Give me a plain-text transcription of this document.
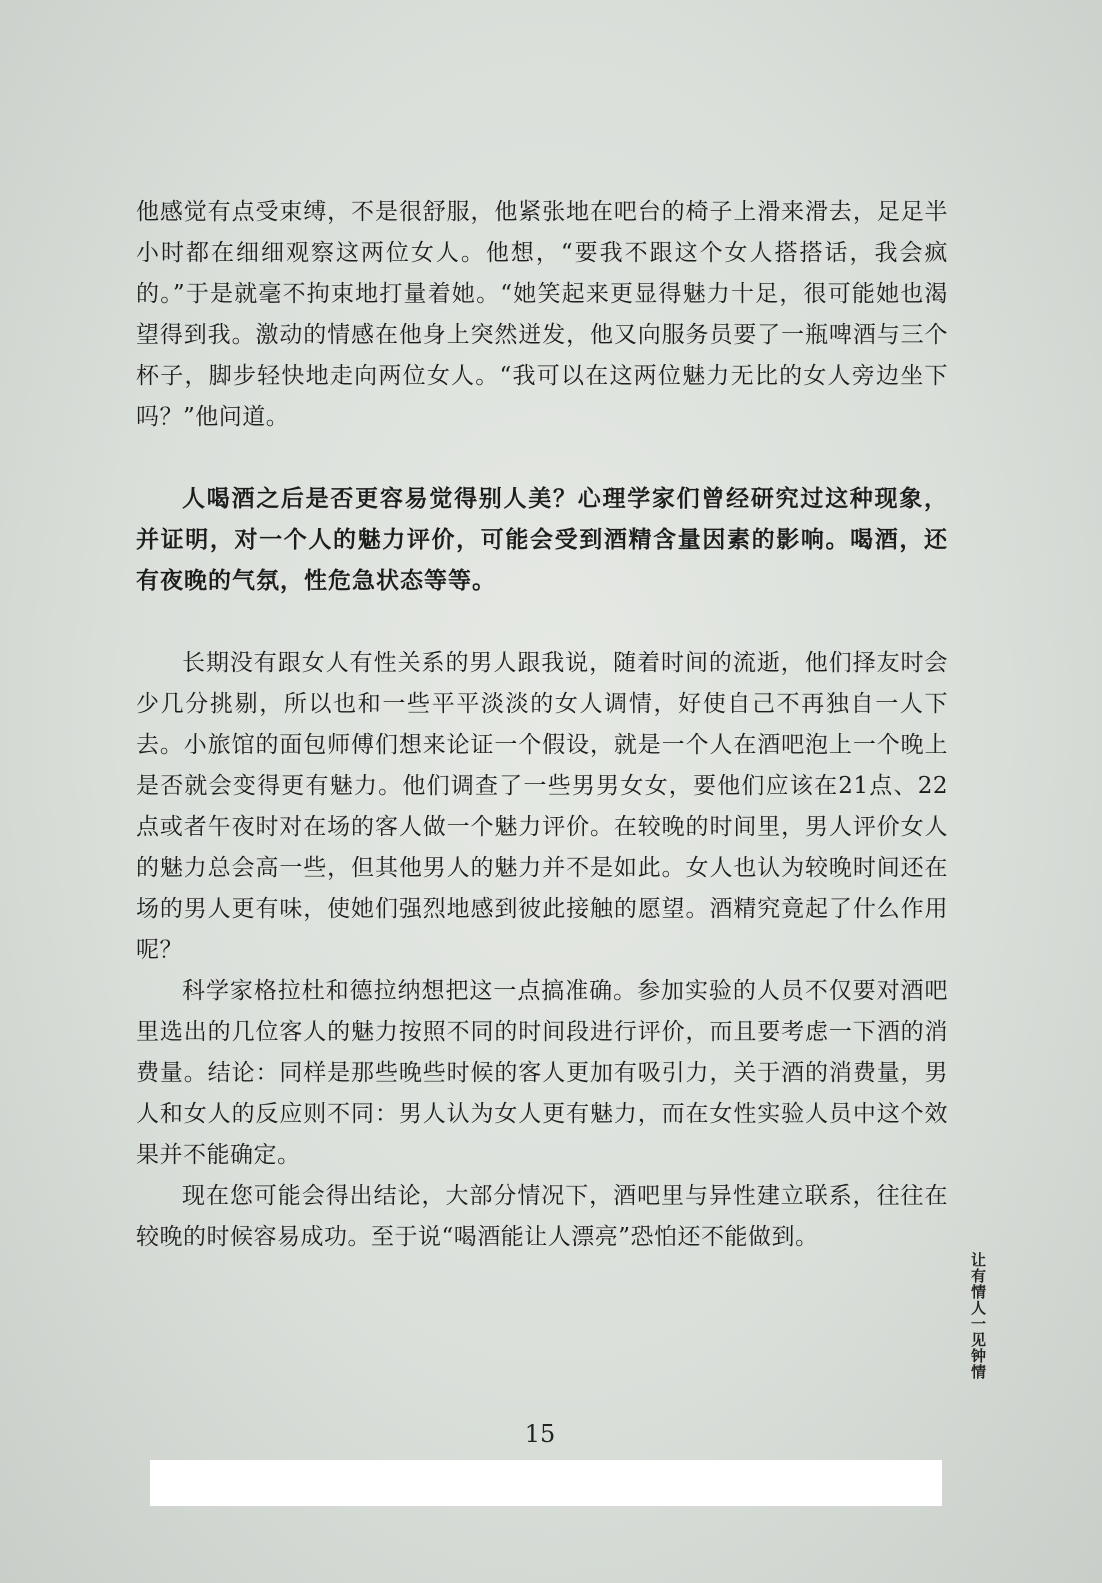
他感觉有点受束缚，不是很舒服，他紧张地在吧台的椅子上滑来滑去，足足半小时都在细细观察这两位女人。他想，“要我不跟这个女人搭搭话，我会疯的。”于是就毫不拘束地打量着她。“她笑起来更显得魅力十足，很可能她也渴望得到我。激动的情感在他身上突然迸发，他又向服务员要了一瓶啤酒与三个杯子，脚步轻快地走向两位女人。“我可以在这两位魅力无比的女人旁边坐下吗？”他问道。

人喝酒之后是否更容易觉得别人美？心理学家们曾经研究过这种现象，并证明，对一个人的魅力评价，可能会受到酒精含量因素的影响。喝酒，还有夜晚的气氛，性危急状态等等。

长期没有跟女人有性关系的男人跟我说，随着时间的流逝，他们择友时会少几分挑剔，所以也和一些平平淡淡的女人调情，好使自己不再独自一人下去。小旅馆的面包师傅们想来论证一个假设，就是一个人在酒吧泡上一个晚上是否就会变得更有魅力。他们调查了一些男男女女，要他们应该在21点、22点或者午夜时对在场的客人做一个魅力评价。在较晚的时间里，男人评价女人的魅力总会高一些，但其他男人的魅力并不是如此。女人也认为较晚时间还在场的男人更有味，使她们强烈地感到彼此接触的愿望。酒精究竟起了什么作用呢？

科学家格拉杜和德拉纳想把这一点搞准确。参加实验的人员不仅要对酒吧里选出的几位客人的魅力按照不同的时间段进行评价，而且要考虑一下酒的消费量。结论：同样是那些晚些时候的客人更加有吸引力，关于酒的消费量，男人和女人的反应则不同：男人认为女人更有魅力，而在女性实验人员中这个效果并不能确定。

现在您可能会得出结论，大部分情况下，酒吧里与异性建立联系，往往在较晚的时候容易成功。至于说“喝酒能让人漂亮”恐怕还不能做到。

让有情人一见钟情
15
